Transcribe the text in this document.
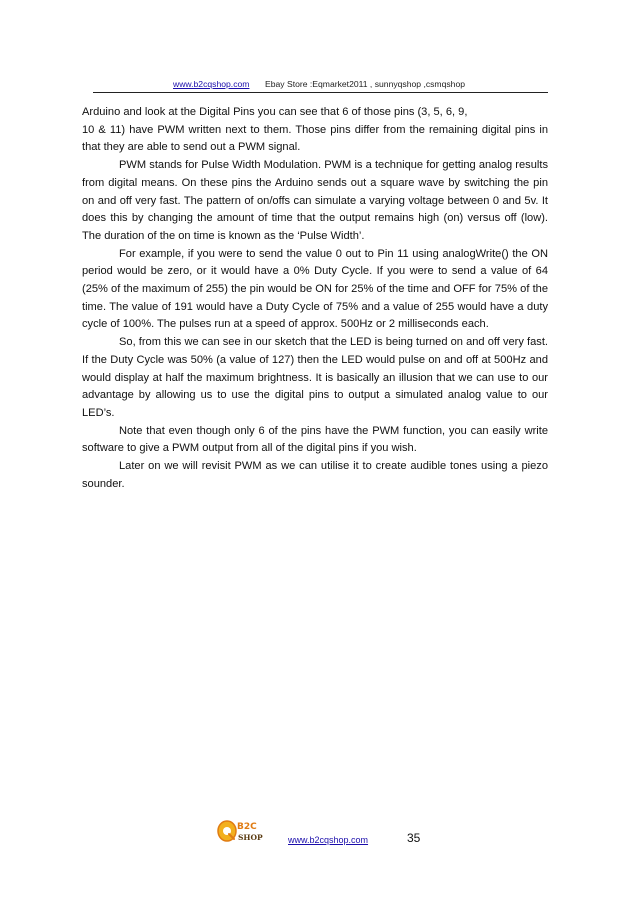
www.b2cqshop.com Ebay Store :Eqmarket2011 , sunnyqshop ,csmqshop

Arduino and look at the Digital Pins you can see that 6 of those pins (3, 5, 6, 9,

10 & 11) have PWM written next to them. Those pins differ from the remaining digital pins in that they are able to send out a PWM signal.

PWM stands for Pulse Width Modulation. PWM is a technique for getting analog results from digital means. On these pins the Arduino sends out a square wave by switching the pin on and off very fast. The pattern of on/offs can simulate a varying voltage between 0 and 5v. It does this by changing the amount of time that the output remains high (on) versus off (low). The duration of the on time is known as the ‘Pulse Width’.

For example, if you were to send the value 0 out to Pin 11 using analogWrite() the ON period would be zero, or it would have a 0% Duty Cycle. If you were to send a value of 64 (25% of the maximum of 255) the pin would be ON for 25% of the time and OFF for 75% of the time. The value of 191 would have a Duty Cycle of 75% and a value of 255 would have a duty cycle of 100%. The pulses run at a speed of approx. 500Hz or 2 milliseconds each.

So, from this we can see in our sketch that the LED is being turned on and off very fast. If the Duty Cycle was 50% (a value of 127) then the LED would pulse on and off at 500Hz and would display at half the maximum brightness. It is basically an illusion that we can use to our advantage by allowing us to use the digital pins to output a simulated analog value to our LED’s.

Note that even though only 6 of the pins have the PWM function, you can easily write software to give a PWM output from all of the digital pins if you wish.

Later on we will revisit PWM as we can utilise it to create audible tones using a piezo sounder.

B2C
SHOP	www.b2cqshop.com	35
